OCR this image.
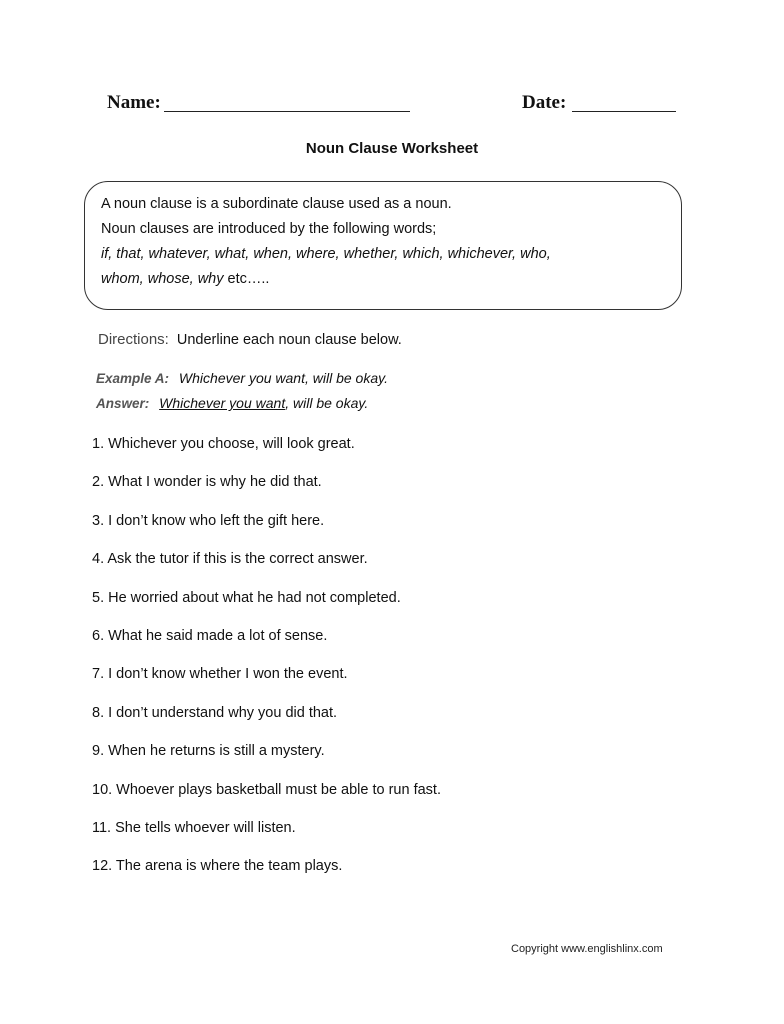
Name:	Date:
Noun Clause Worksheet
A noun clause is a subordinate clause used as a noun.
Noun clauses are introduced by the following words;
if, that, whatever, what, when, where, whether, which, whichever, who,
whom, whose, why etc…..
Directions: Underline each noun clause below.
Example A: Whichever you want, will be okay.
Answer: Whichever you want, will be okay.
1. Whichever you choose, will look great.
2. What I wonder is why he did that.
3. I don’t know who left the gift here.
4. Ask the tutor if this is the correct answer.
5. He worried about what he had not completed.
6. What he said made a lot of sense.
7. I don’t know whether I won the event.
8. I don’t understand why you did that.
9. When he returns is still a mystery.
10. Whoever plays basketball must be able to run fast.
11. She tells whoever will listen.
12. The arena is where the team plays.
Copyright www.englishlinx.com
